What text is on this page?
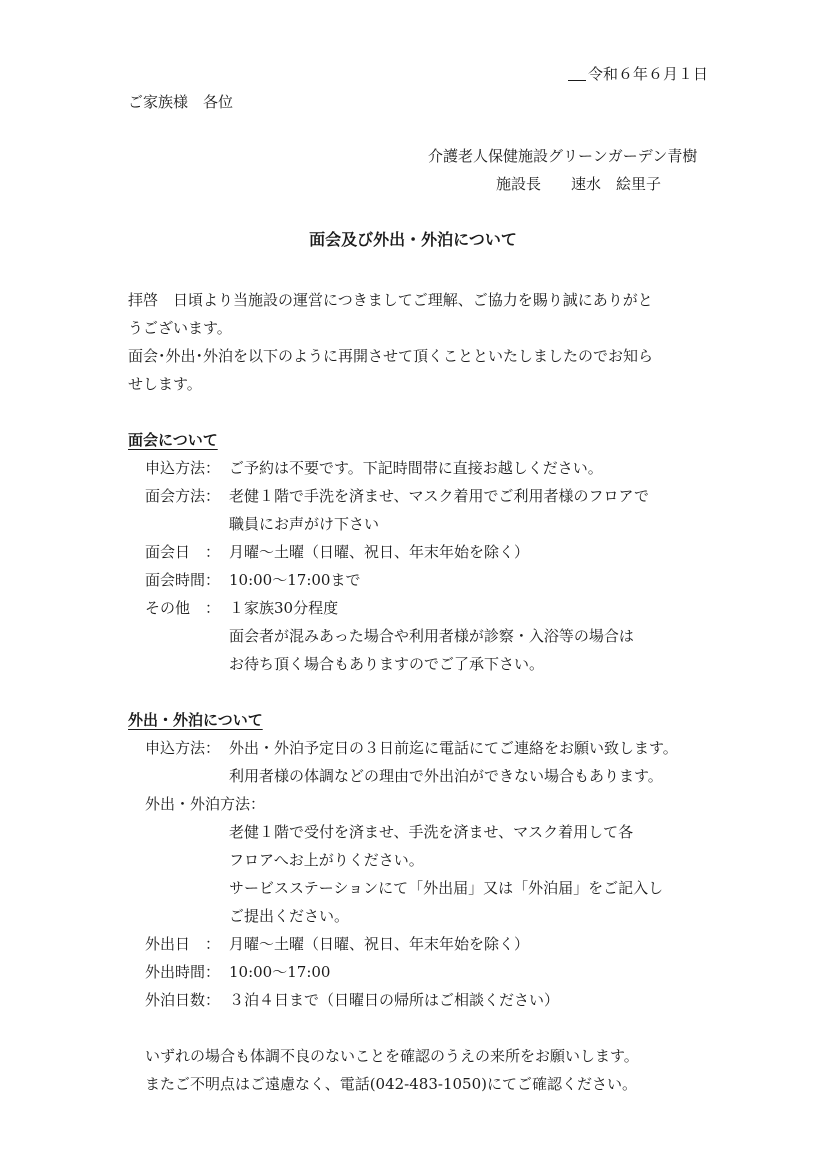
令和６年６月１日
ご家族様　各位
介護老人保健施設グリーンガーデン青樹
施設長　　速水　絵里子
面会及び外出・外泊について

拝啓　日頃より当施設の運営につきましてご理解、ご協力を賜り誠にありがと

うございます。

面会･外出･外泊を以下のように再開させて頂くことといたしましたのでお知ら

せします。

面会について
申込方法： ご予約は不要です。下記時間帯に直接お越しください。
面会方法： 老健１階で手洗を済ませ、マスク着用でご利用者様のフロアで
職員にお声がけ下さい
面会日　： 月曜～土曜（日曜、祝日、年末年始を除く）
面会時間： 10:00～17:00まで
その他　： １家族30分程度
面会者が混みあった場合や利用者様が診察・入浴等の場合は
お待ち頂く場合もありますのでご了承下さい。
外出・外泊について
申込方法： 外出・外泊予定日の３日前迄に電話にてご連絡をお願い致します。
利用者様の体調などの理由で外出泊ができない場合もあります。
外出・外泊方法：
老健１階で受付を済ませ、手洗を済ませ、マスク着用して各
フロアへお上がりください。
サービスステーションにて「外出届」又は「外泊届」をご記入し
ご提出ください。
外出日　： 月曜～土曜（日曜、祝日、年末年始を除く）
外出時間： 10:00～17:00
外泊日数： ３泊４日まで（日曜日の帰所はご相談ください）

いずれの場合も体調不良のないことを確認のうえの来所をお願いします。

またご不明点はご遠慮なく、電話(042-483-1050)にてご確認ください。
